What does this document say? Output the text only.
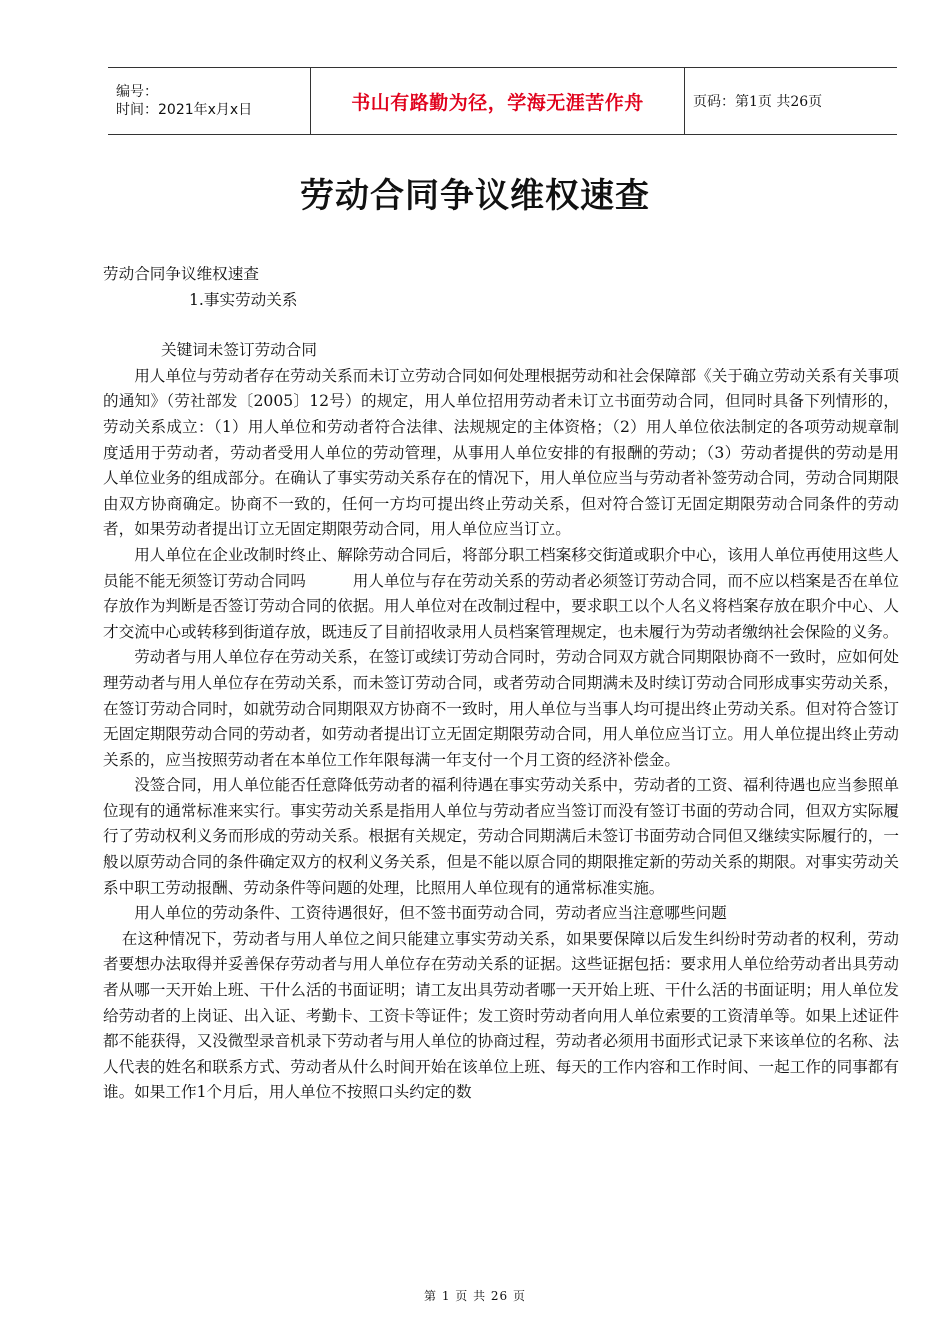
编号：
时间：2021年x月x日	书山有路勤为径，学海无涯苦作舟	页码：第1页 共26页
劳动合同争议维权速查

劳动合同争议维权速查

1.事实劳动关系

关键词未签订劳动合同

用人单位与劳动者存在劳动关系而未订立劳动合同如何处理根据劳动和社会保障部《关于确立劳动关系有关事项的通知》（劳社部发〔2005〕12号）的规定，用人单位招用劳动者未订立书面劳动合同，但同时具备下列情形的，劳动关系成立：（1）用人单位和劳动者符合法律、法规规定的主体资格；（2）用人单位依法制定的各项劳动规章制度适用于劳动者，劳动者受用人单位的劳动管理，从事用人单位安排的有报酬的劳动；（3）劳动者提供的劳动是用人单位业务的组成部分。在确认了事实劳动关系存在的情况下，用人单位应当与劳动者补签劳动合同，劳动合同期限由双方协商确定。协商不一致的，任何一方均可提出终止劳动关系，但对符合签订无固定期限劳动合同条件的劳动者，如果劳动者提出订立无固定期限劳动合同，用人单位应当订立。

用人单位在企业改制时终止、解除劳动合同后，将部分职工档案移交街道或职介中心，该用人单位再使用这些人员能不能无须签订劳动合同吗　　　用人单位与存在劳动关系的劳动者必须签订劳动合同，而不应以档案是否在单位存放作为判断是否签订劳动合同的依据。用人单位对在改制过程中，要求职工以个人名义将档案存放在职介中心、人才交流中心或转移到街道存放，既违反了目前招收录用人员档案管理规定，也未履行为劳动者缴纳社会保险的义务。

劳动者与用人单位存在劳动关系，在签订或续订劳动合同时，劳动合同双方就合同期限协商不一致时，应如何处理劳动者与用人单位存在劳动关系，而未签订劳动合同，或者劳动合同期满未及时续订劳动合同形成事实劳动关系，在签订劳动合同时，如就劳动合同期限双方协商不一致时，用人单位与当事人均可提出终止劳动关系。但对符合签订无固定期限劳动合同的劳动者，如劳动者提出订立无固定期限劳动合同，用人单位应当订立。用人单位提出终止劳动关系的，应当按照劳动者在本单位工作年限每满一年支付一个月工资的经济补偿金。

没签合同，用人单位能否任意降低劳动者的福利待遇在事实劳动关系中，劳动者的工资、福利待遇也应当参照单位现有的通常标准来实行。事实劳动关系是指用人单位与劳动者应当签订而没有签订书面的劳动合同，但双方实际履行了劳动权利义务而形成的劳动关系。根据有关规定，劳动合同期满后未签订书面劳动合同但又继续实际履行的，一般以原劳动合同的条件确定双方的权利义务关系，但是不能以原合同的期限推定新的劳动关系的期限。对事实劳动关系中职工劳动报酬、劳动条件等问题的处理，比照用人单位现有的通常标准实施。

用人单位的劳动条件、工资待遇很好，但不签书面劳动合同，劳动者应当注意哪些问题

在这种情况下，劳动者与用人单位之间只能建立事实劳动关系，如果要保障以后发生纠纷时劳动者的权利，劳动者要想办法取得并妥善保存劳动者与用人单位存在劳动关系的证据。这些证据包括：要求用人单位给劳动者出具劳动者从哪一天开始上班、干什么活的书面证明；请工友出具劳动者哪一天开始上班、干什么活的书面证明；用人单位发给劳动者的上岗证、出入证、考勤卡、工资卡等证件；发工资时劳动者向用人单位索要的工资清单等。如果上述证件都不能获得，又没微型录音机录下劳动者与用人单位的协商过程，劳动者必须用书面形式记录下来该单位的名称、法人代表的姓名和联系方式、劳动者从什么时间开始在该单位上班、每天的工作内容和工作时间、一起工作的同事都有谁。如果工作1个月后，用人单位不按照口头约定的数

第 1 页 共 26 页
